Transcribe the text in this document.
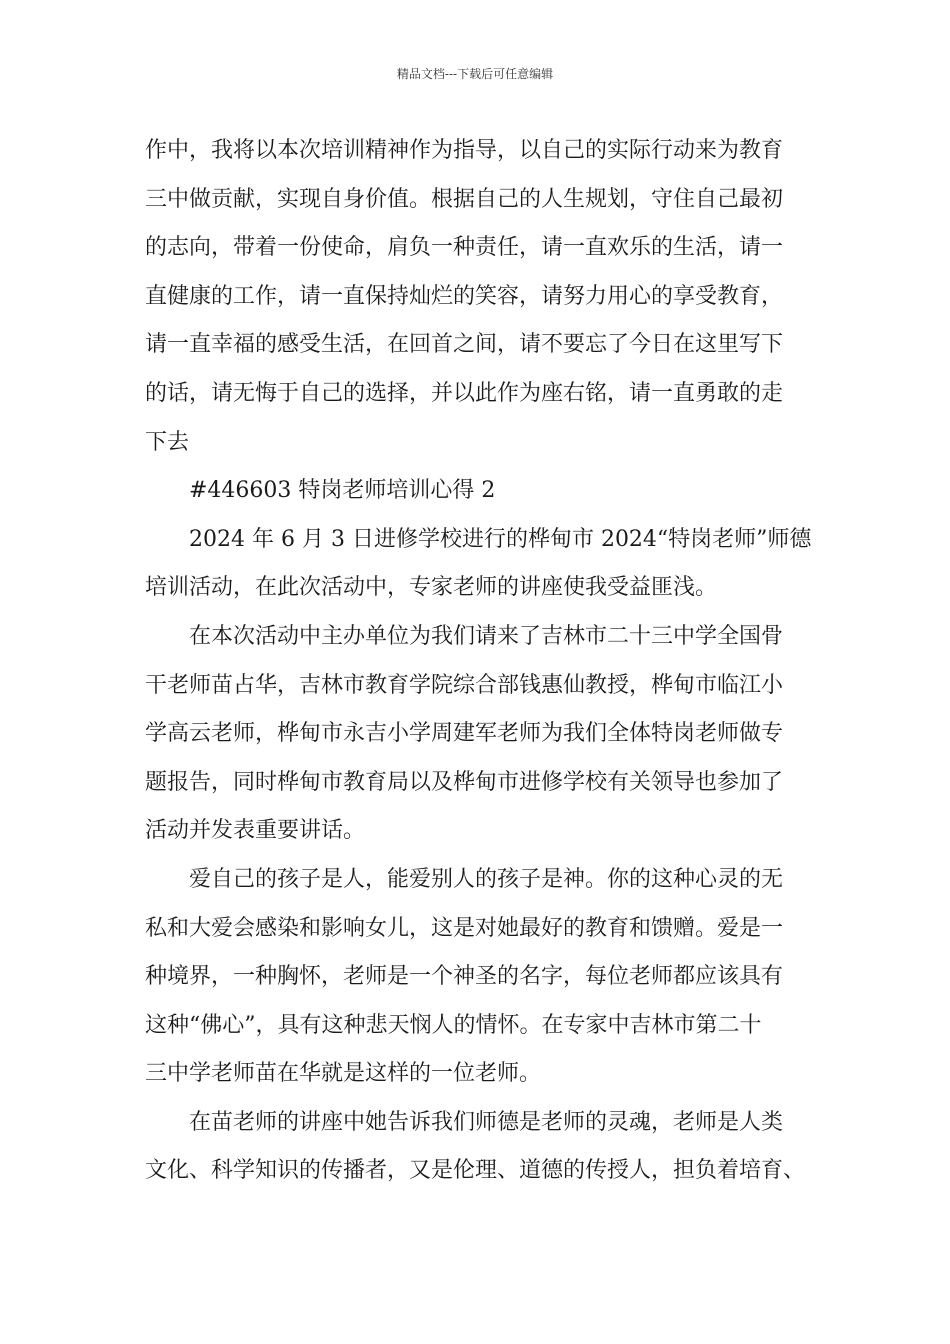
精品文档---下载后可任意编辑
作中，我将以本次培训精神作为指导，以自己的实际行动来为教育
三中做贡献，实现自身价值。根据自己的人生规划，守住自己最初
的志向，带着一份使命，肩负一种责任，请一直欢乐的生活，请一
直健康的工作，请一直保持灿烂的笑容，请努力用心的享受教育，
请一直幸福的感受生活，在回首之间，请不要忘了今日在这里写下
的话，请无悔于自己的选择，并以此作为座右铭，请一直勇敢的走
下去
#446603 特岗老师培训心得 2
2024 年 6 月 3 日进修学校进行的桦甸市 2024“特岗老师”师德
培训活动，在此次活动中，专家老师的讲座使我受益匪浅。
在本次活动中主办单位为我们请来了吉林市二十三中学全国骨
干老师苗占华，吉林市教育学院综合部钱惠仙教授，桦甸市临江小
学高云老师，桦甸市永吉小学周建军老师为我们全体特岗老师做专
题报告，同时桦甸市教育局以及桦甸市进修学校有关领导也参加了
活动并发表重要讲话。
爱自己的孩子是人，能爱别人的孩子是神。你的这种心灵的无
私和大爱会感染和影响女儿，这是对她最好的教育和馈赠。爱是一
种境界，一种胸怀，老师是一个神圣的名字，每位老师都应该具有
这种“佛心”，具有这种悲天悯人的情怀。在专家中吉林市第二十
三中学老师苗在华就是这样的一位老师。
在苗老师的讲座中她告诉我们师德是老师的灵魂，老师是人类
文化、科学知识的传播者，又是伦理、道德的传授人，担负着培育、
